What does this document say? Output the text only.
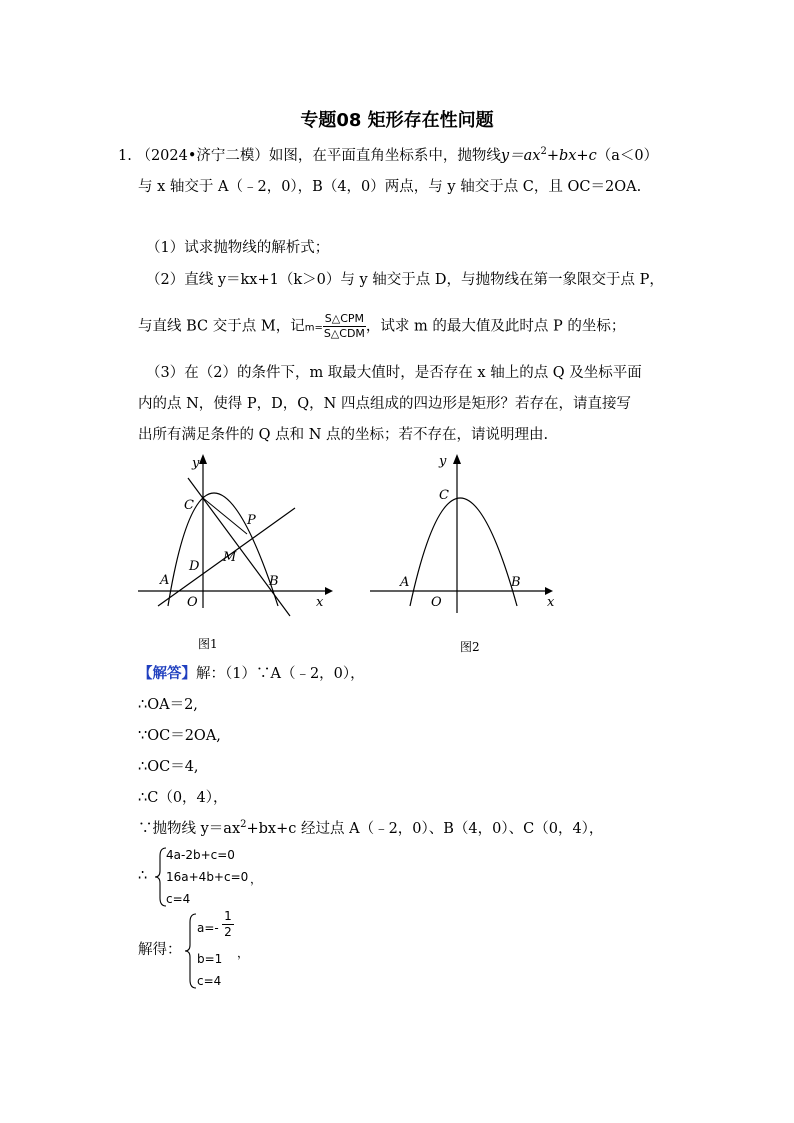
专题08 矩形存在性问题
1. （2024•济宁二模）如图，在平面直角坐标系中，抛物线$y=ax^2+bx+c(a<0)$
与 x 轴交于 A（﹣2，0），B（4，0）两点，与 y 轴交于点 C，且 OC＝2OA.
（1）试求抛物线的解析式；
（2）直线 y＝kx+1（k＞0）与 y 轴交于点 D，与抛物线在第一象限交于点 P，
与直线 BC 交于点 M，记$m= \frac{\text{S△CPM}}{\text{S△CDM}}$ ，试求 m 的最大值及此时点 P 的坐标；
（3）在（2）的条件下，m 取最大值时，是否存在 x 轴上的点 Q 及坐标平面
内的点 N，使得 P，D，Q，N 四点组成的四边形是矩形？若存在，请直接写
出所有满足条件的 Q 点和 N 点的坐标；若不存在，请说明理由.
y
x
C
P
D
M
A	B
O
图1
y
x
C
A	B
O
图2
【解答】解：（1）∵A（﹣2，0），
∴OA＝2,
∵OC＝2OA,
∴OC＝4,
∴C（0，4），
∵抛物线 $y=ax^2+bx+c$ 经过点 A（﹣2，0）、B（4，0）、C（0，4），
∴
4a-2b+c=0
16a+4b+c=0
c=4
，
解得：
$a=- \frac{1}{2}$
b=1
c=4
，
